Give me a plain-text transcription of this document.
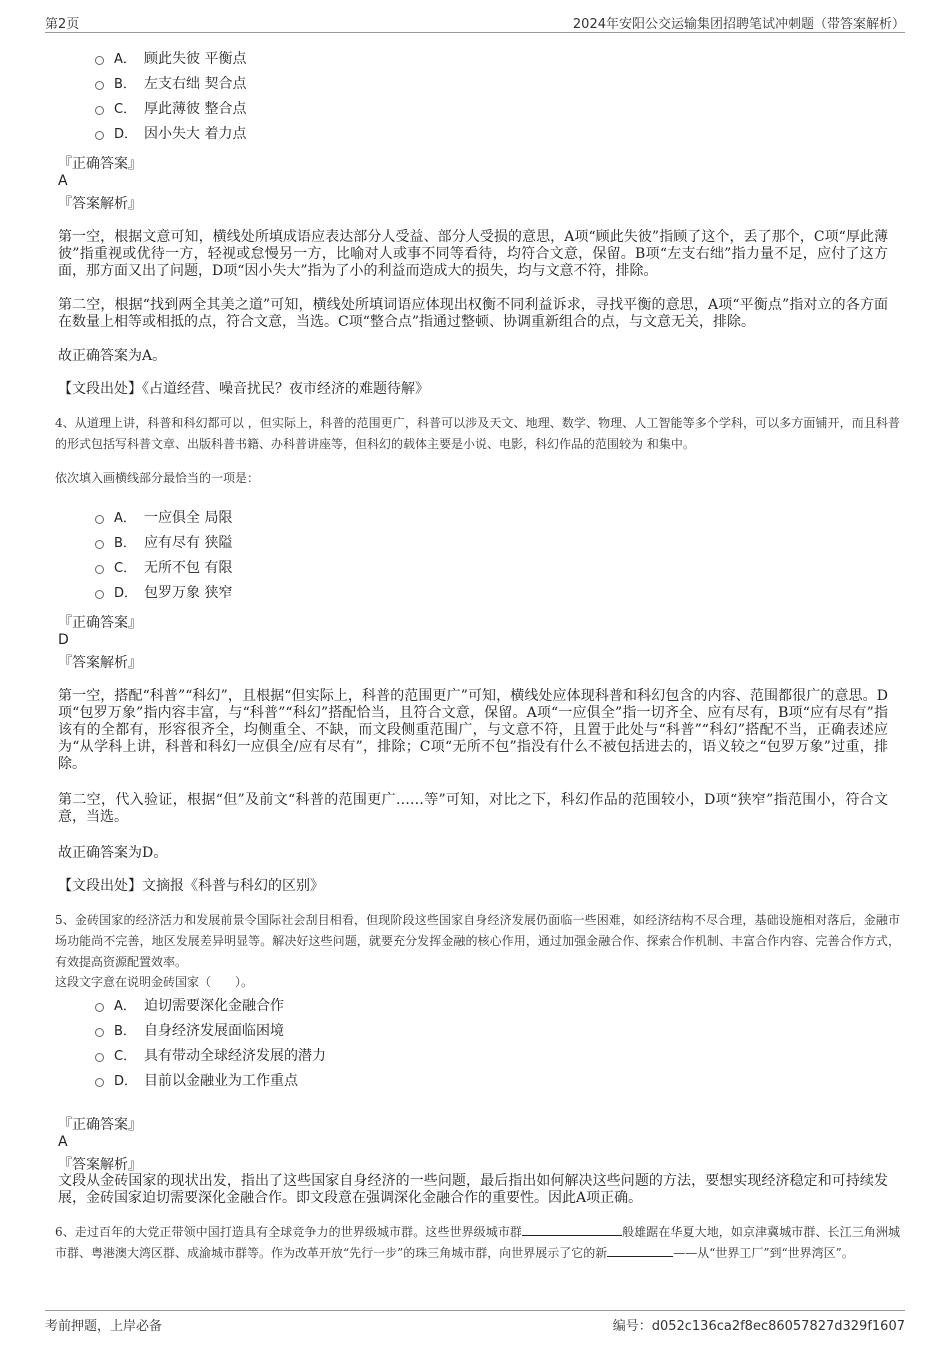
第2页	2024年安阳公交运输集团招聘笔试冲刺题（带答案解析）
A． 顾此失彼 平衡点
B． 左支右绌 契合点
C． 厚此薄彼 整合点
D． 因小失大 着力点
『正确答案』
A
『答案解析』
第一空，根据文意可知，横线处所填成语应表达部分人受益、部分人受损的意思，A项“顾此失彼”指顾了这个，丢了那个，C项“厚此薄彼”指重视或优待一方，轻视或怠慢另一方，比喻对人或事不同等看待，均符合文意，保留。B项“左支右绌”指力量不足，应付了这方面，那方面又出了问题，D项“因小失大”指为了小的利益而造成大的损失，均与文意不符，排除。
第二空，根据“找到两全其美之道”可知，横线处所填词语应体现出权衡不同利益诉求，寻找平衡的意思，A项“平衡点”指对立的各方面在数量上相等或相抵的点，符合文意，当选。C项“整合点”指通过整顿、协调重新组合的点，与文意无关，排除。
故正确答案为A。
【文段出处】《占道经营、噪音扰民？夜市经济的难题待解》
4、从道理上讲，科普和科幻都可以 ，但实际上，科普的范围更广，科普可以涉及天文、地理、数学、物理、人工智能等多个学科，可以多方面铺开，而且科普的形式包括写科普文章、出版科普书籍、办科普讲座等，但科幻的载体主要是小说、电影，科幻作品的范围较为 和集中。
依次填入画横线部分最恰当的一项是：
A． 一应俱全 局限
B． 应有尽有 狭隘
C． 无所不包 有限
D． 包罗万象 狭窄
『正确答案』
D
『答案解析』
第一空，搭配“科普”“科幻”，且根据“但实际上，科普的范围更广”可知，横线处应体现科普和科幻包含的内容、范围都很广的意思。D项“包罗万象”指内容丰富，与“科普”“科幻”搭配恰当，且符合文意，保留。A项“一应俱全”指一切齐全、应有尽有，B项“应有尽有”指该有的全都有，形容很齐全，均侧重全、不缺，而文段侧重范围广，与文意不符，且置于此处与“科普”“科幻”搭配不当，正确表述应为“从学科上讲，科普和科幻一应俱全/应有尽有”，排除；C项“无所不包”指没有什么不被包括进去的，语义较之“包罗万象”过重，排除。
第二空，代入验证，根据“但”及前文“科普的范围更广……等”可知，对比之下，科幻作品的范围较小，D项“狭窄”指范围小，符合文意，当选。
故正确答案为D。
【文段出处】文摘报《科普与科幻的区别》
5、金砖国家的经济活力和发展前景令国际社会刮目相看，但现阶段这些国家自身经济发展仍面临一些困难，如经济结构不尽合理，基础设施相对落后，金融市场功能尚不完善，地区发展差异明显等。解决好这些问题，就要充分发挥金融的核心作用，通过加强金融合作、探索合作机制、丰富合作内容、完善合作方式，有效提高资源配置效率。
这段文字意在说明金砖国家（　　）。
A． 迫切需要深化金融合作
B． 自身经济发展面临困境
C． 具有带动全球经济发展的潜力
D． 目前以金融业为工作重点
『正确答案』
A
『答案解析』
文段从金砖国家的现状出发，指出了这些国家自身经济的一些问题，最后指出如何解决这些问题的方法，要想实现经济稳定和可持续发展，金砖国家迫切需要深化金融合作。即文段意在强调深化金融合作的重要性。因此A项正确。
6、走过百年的大党正带领中国打造具有全球竞争力的世界级城市群。这些世界级城市群	般雄踞在华夏大地，如京津冀城市群、长江三角洲城市群、粤港澳大湾区群、成渝城市群等。作为改革开放“先行一步”的珠三角城市群，向世界展示了它的新	——从“世界工厂”到“世界湾区”。
考前押题，上岸必备	编号：d052c136ca2f8ec86057827d329f1607
